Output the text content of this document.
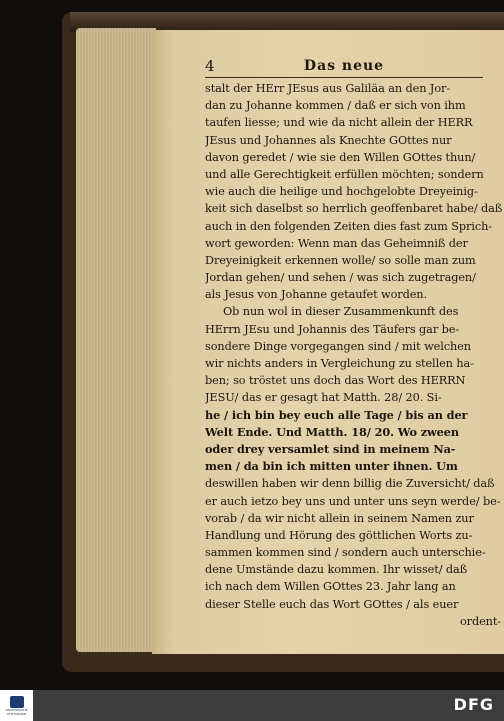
4	Das neue
stalt der HErr JEsus aus Galiläa an den Jor-
dan zu Johanne kommen / daß er sich von ihm
taufen liesse; und wie da nicht allein der HERR
JEsus und Johannes als Knechte GOttes nur
davon geredet / wie sie den Willen GOttes thun/
und alle Gerechtigkeit erfüllen möchten; sondern
wie auch die heilige und hochgelobte Dreyeinig-
keit sich daselbst so herrlich geoffenbaret habe/ daß
auch in den folgenden Zeiten dies fast zum Sprich-
wort geworden: Wenn man das Geheimniß der
Dreyeinigkeit erkennen wolle/ so solle man zum
Jordan gehen/ und sehen / was sich zugetragen/
als Jesus von Johanne getaufet worden.
Ob nun wol in dieser Zusammenkunft des
HErrn JEsu und Johannis des Täufers gar be-
sondere Dinge vorgegangen sind / mit welchen
wir nichts anders in Vergleichung zu stellen ha-
ben; so tröstet uns doch das Wort des HERRN
JESU/ das er gesagt hat Matth. 28/ 20. Si-
he / ich bin bey euch alle Tage / bis an der
Welt Ende. Und Matth. 18/ 20. Wo zween
oder drey versamlet sind in meinem Na-
men / da bin ich mitten unter ihnen. Um
deswillen haben wir denn billig die Zuversicht/ daß
er auch ietzo bey uns und unter uns seyn werde/ be-
vorab / da wir nicht allein in seinem Namen zur
Handlung und Hörung des göttlichen Worts zu-
sammen kommen sind / sondern auch unterschie-
dene Umstände dazu kommen. Ihr wisset/ daß
ich nach dem Willen GOttes 23. Jahr lang an
dieser Stelle euch das Wort GOttes / als euer
ordent-
FRANCKESCHE STIFTUNGEN	DFG
